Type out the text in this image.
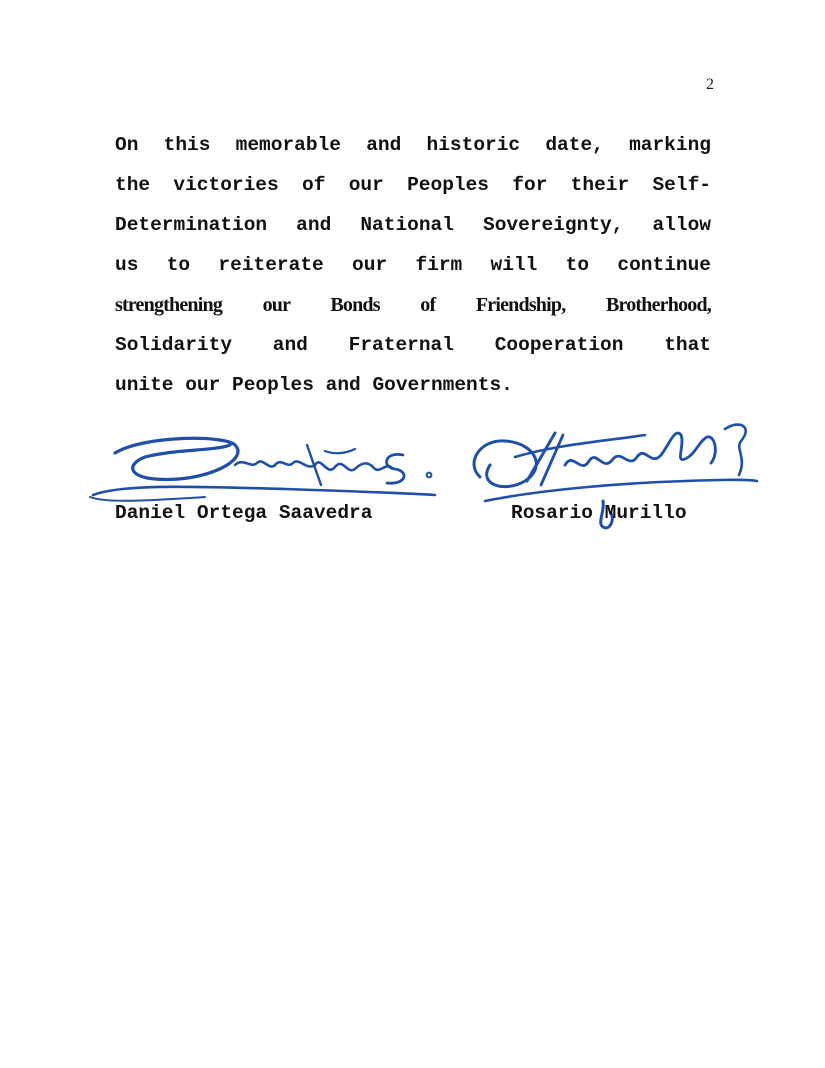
2
On this memorable and historic date, marking
the victories of our Peoples for their Self-
Determination and National Sovereignty, allow
us to reiterate our firm will to continue
strengthening our Bonds of Friendship, Brotherhood,
Solidarity and Fraternal Cooperation that
unite our Peoples and Governments.
Daniel Ortega Saavedra	Rosario Murillo
